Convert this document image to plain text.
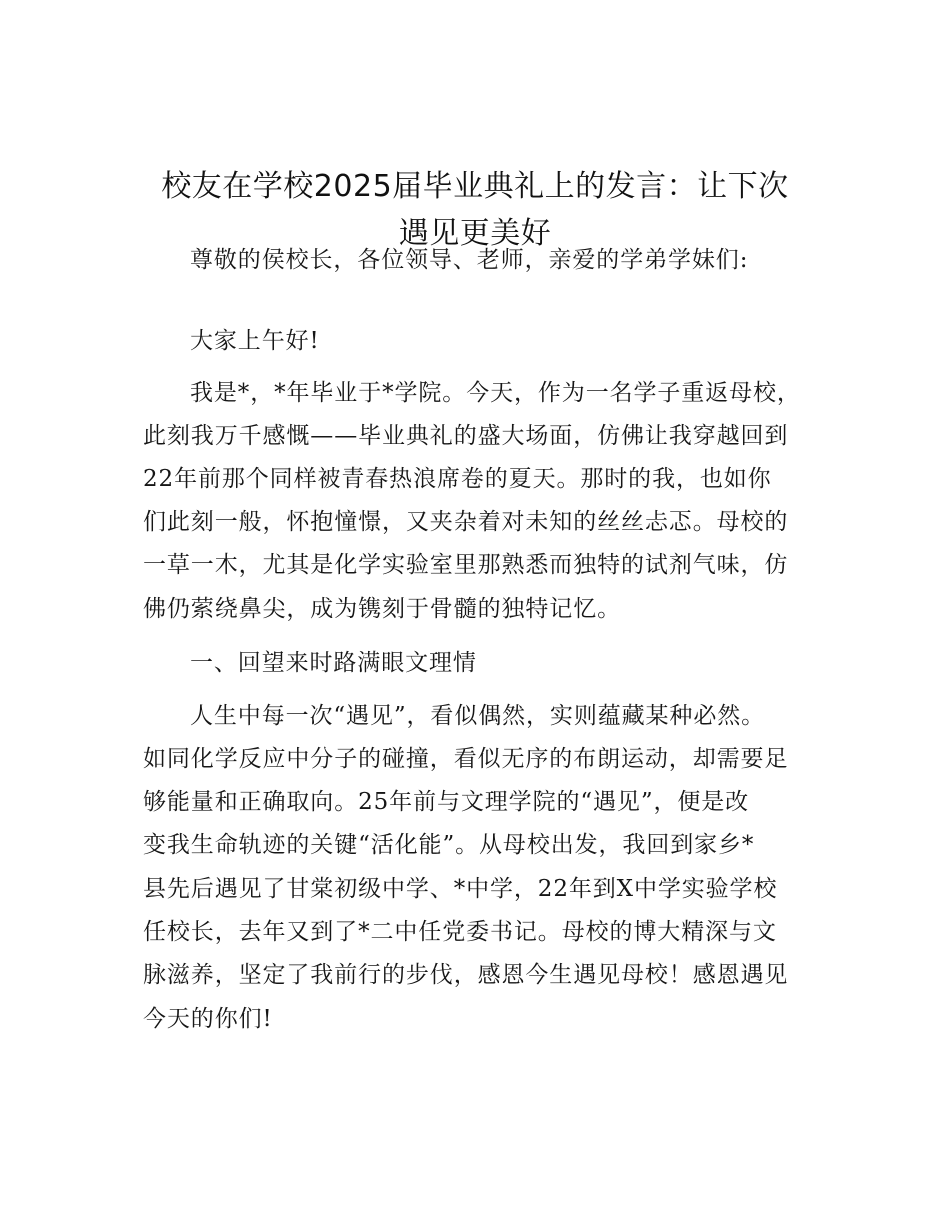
校友在学校2025届毕业典礼上的发言：让下次
遇见更美好
尊敬的侯校长，各位领导、老师，亲爱的学弟学妹们:
大家上午好!
我是*，*年毕业于*学院。今天，作为一名学子重返母校，
此刻我万千感慨——毕业典礼的盛大场面，仿佛让我穿越回到
22年前那个同样被青春热浪席卷的夏天。那时的我，也如你
们此刻一般，怀抱憧憬，又夹杂着对未知的丝丝忐忑。母校的
一草一木，尤其是化学实验室里那熟悉而独特的试剂气味，仿
佛仍萦绕鼻尖，成为镌刻于骨髓的独特记忆。
一、回望来时路满眼文理情
人生中每一次“遇见”，看似偶然，实则蕴藏某种必然。
如同化学反应中分子的碰撞，看似无序的布朗运动，却需要足
够能量和正确取向。25年前与文理学院的“遇见”，便是改
变我生命轨迹的关键“活化能”。从母校出发，我回到家乡*
县先后遇见了甘棠初级中学、*中学，22年到X中学实验学校
任校长，去年又到了*二中任党委书记。母校的博大精深与文
脉滋养，坚定了我前行的步伐，感恩今生遇见母校！感恩遇见
今天的你们!
